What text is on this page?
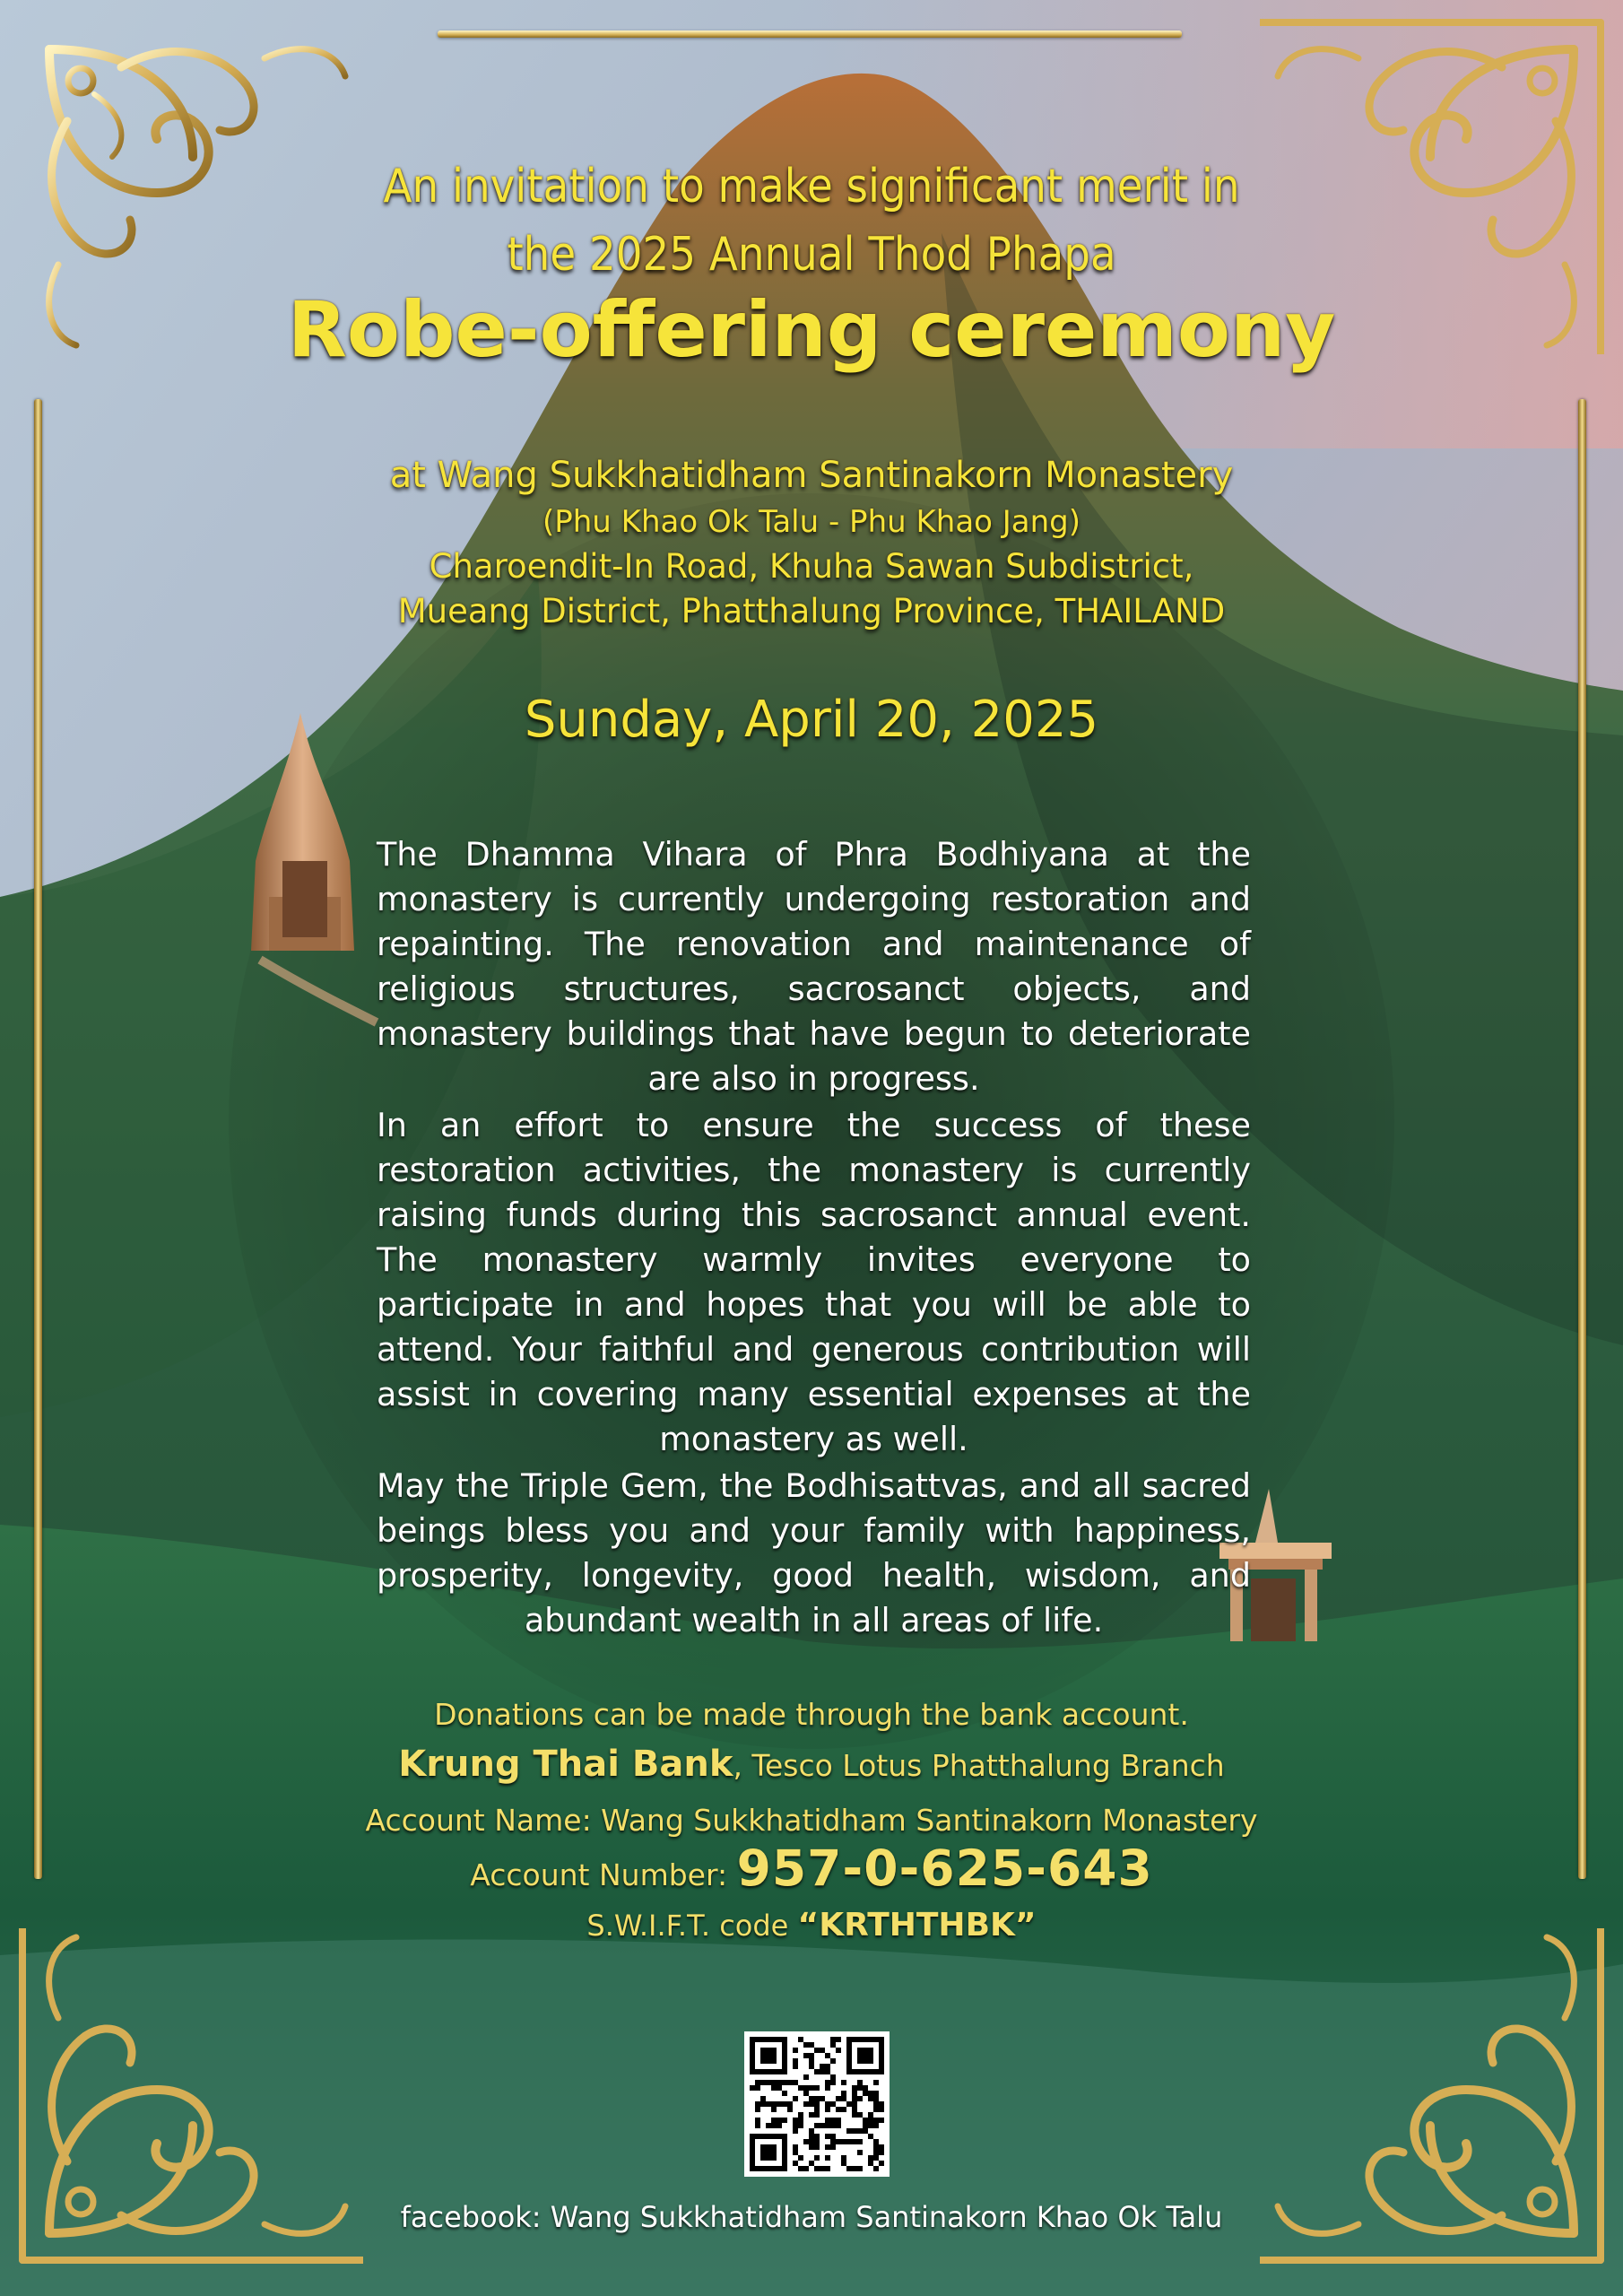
An invitation to make significant merit in
the 2025 Annual Thod Phapa
Robe-offering ceremony
at Wang Sukkhatidham Santinakorn Monastery
(Phu Khao Ok Talu - Phu Khao Jang)
Charoendit-In Road, Khuha Sawan Subdistrict,
Mueang District, Phatthalung Province, THAILAND
Sunday, April 20, 2025
The Dhamma Vihara of Phra Bodhiyana at the monastery is currently undergoing restoration and repainting. The renovation and maintenance of religious structures, sacrosanct objects, and monastery buildings that have begun to deteriorate are also in progress.
In an effort to ensure the success of these restoration activities, the monastery is currently raising funds during this sacrosanct annual event. The monastery warmly invites everyone to participate in and hopes that you will be able to attend. Your faithful and generous contribution will assist in covering many essential expenses at the monastery as well.
May the Triple Gem, the Bodhisattvas, and all sacred beings bless you and your family with happiness, prosperity, longevity, good health, wisdom, and abundant wealth in all areas of life.
Donations can be made through the bank account.
Krung Thai Bank, Tesco Lotus Phatthalung Branch
Account Name: Wang Sukkhatidham Santinakorn Monastery
Account Number: 957-0-625-643
S.W.I.F.T. code “KRTHTHBK”
facebook: Wang Sukkhatidham Santinakorn Khao Ok Talu
